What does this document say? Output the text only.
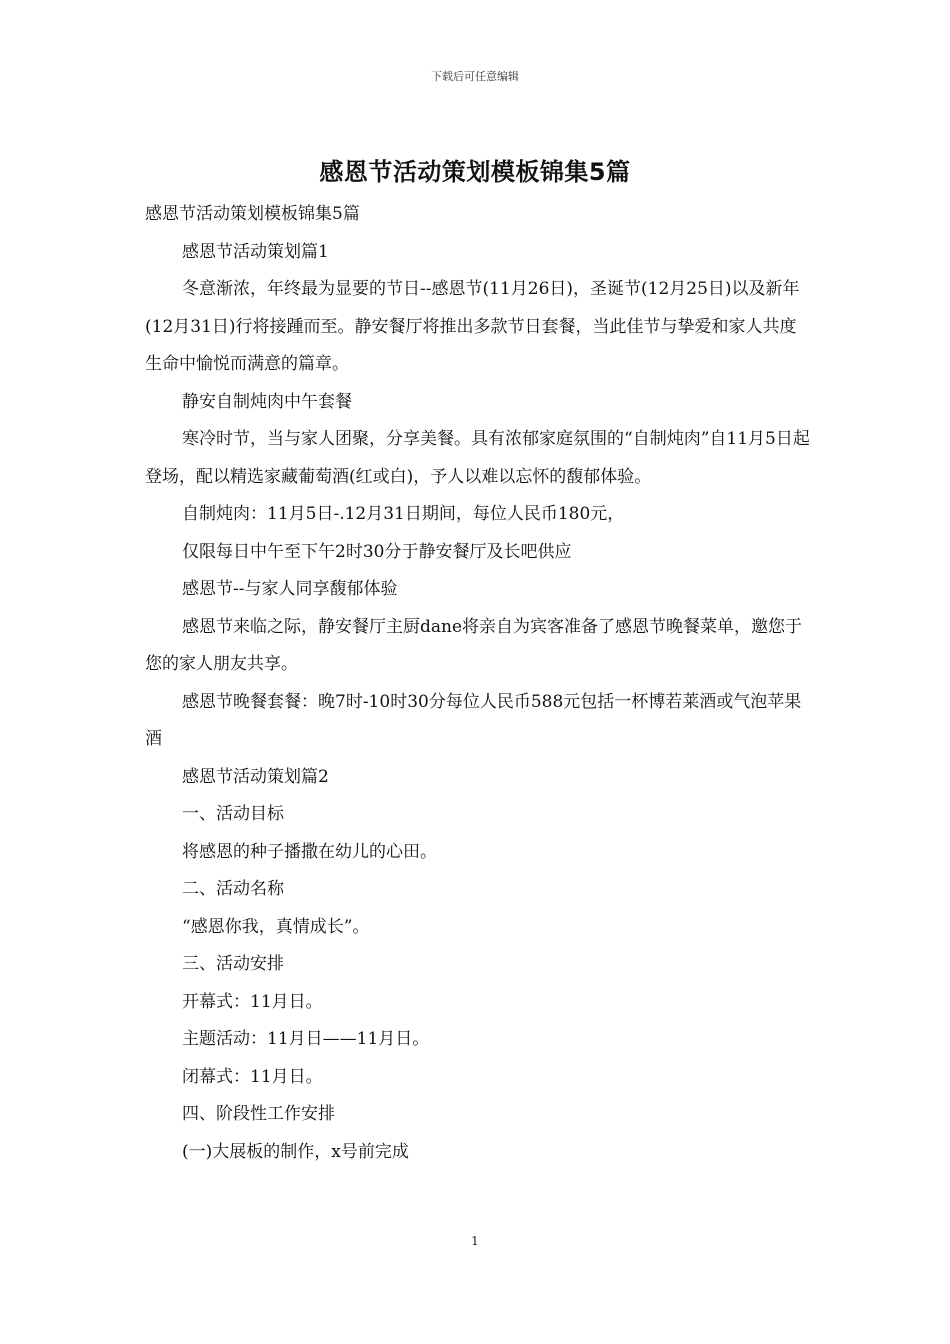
下载后可任意编辑
感恩节活动策划模板锦集5篇

感恩节活动策划模板锦集5篇

感恩节活动策划篇1

冬意渐浓，年终最为显要的节日--感恩节(11月26日)，圣诞节(12月25日)以及新年(12月31日)行将接踵而至。静安餐厅将推出多款节日套餐，当此佳节与挚爱和家人共度生命中愉悦而满意的篇章。

静安自制炖肉中午套餐

寒冷时节，当与家人团聚，分享美餐。具有浓郁家庭氛围的“自制炖肉”自11月5日起登场，配以精选家藏葡萄酒(红或白)，予人以难以忘怀的馥郁体验。

自制炖肉：11月5日-.12月31日期间，每位人民币180元，

仅限每日中午至下午2时30分于静安餐厅及长吧供应

感恩节--与家人同享馥郁体验

感恩节来临之际，静安餐厅主厨dane将亲自为宾客准备了感恩节晚餐菜单，邀您于您的家人朋友共享。

感恩节晚餐套餐：晚7时-10时30分每位人民币588元包括一杯博若莱酒或气泡苹果酒

感恩节活动策划篇2

一、活动目标

将感恩的种子播撒在幼儿的心田。

二、活动名称

“感恩你我，真情成长”。

三、活动安排

开幕式：11月日。

主题活动：11月日——11月日。

闭幕式：11月日。

四、阶段性工作安排

(一)大展板的制作，x号前完成

1
